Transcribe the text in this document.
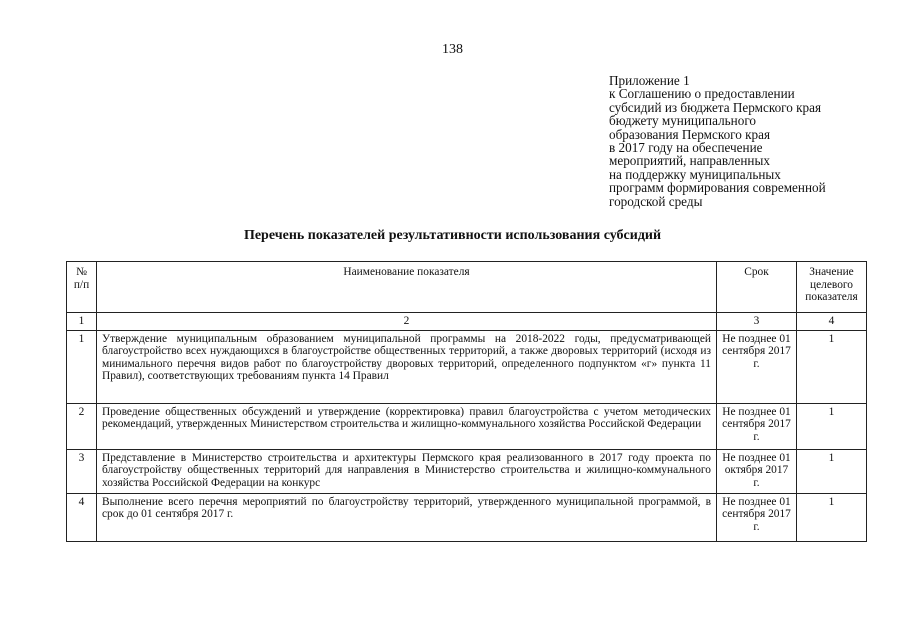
138
Приложение 1
к Соглашению о предоставлении
субсидий из бюджета Пермского края
бюджету муниципального
образования Пермского края
в 2017 году на обеспечение
мероприятий, направленных
на поддержку муниципальных
программ формирования современной
городской среды
Перечень показателей результативности использования субсидий
№ п/п	Наименование показателя	Срок	Значение целевого показателя
1	2	3	4
1	Утверждение муниципальным образованием муниципальной программы на 2018-2022 годы, предусматривающей благоустройство всех нуждающихся в благоустройстве общественных территорий, а также дворовых территорий (исходя из минимального перечня видов работ по благоустройству дворовых территорий, определенного подпунктом «г» пункта 11 Правил), соответствующих требованиям пункта 14 Правил	Не позднее 01 сентября 2017 г.	1
2	Проведение общественных обсуждений и утверждение (корректировка) правил благоустройства с учетом методических рекомендаций, утвержденных Министерством строительства и жилищно-коммунального хозяйства Российской Федерации	Не позднее 01 сентября 2017 г.	1
3	Представление в Министерство строительства и архитектуры Пермского края реализованного в 2017 году проекта по благоустройству общественных территорий для направления в Министерство строительства и жилищно-коммунального хозяйства Российской Федерации на конкурс	Не позднее 01 октября 2017 г.	1
4	Выполнение всего перечня мероприятий по благоустройству территорий, утвержденного муниципальной программой, в срок до 01 сентября 2017 г.	Не позднее 01 сентября 2017 г.	1
